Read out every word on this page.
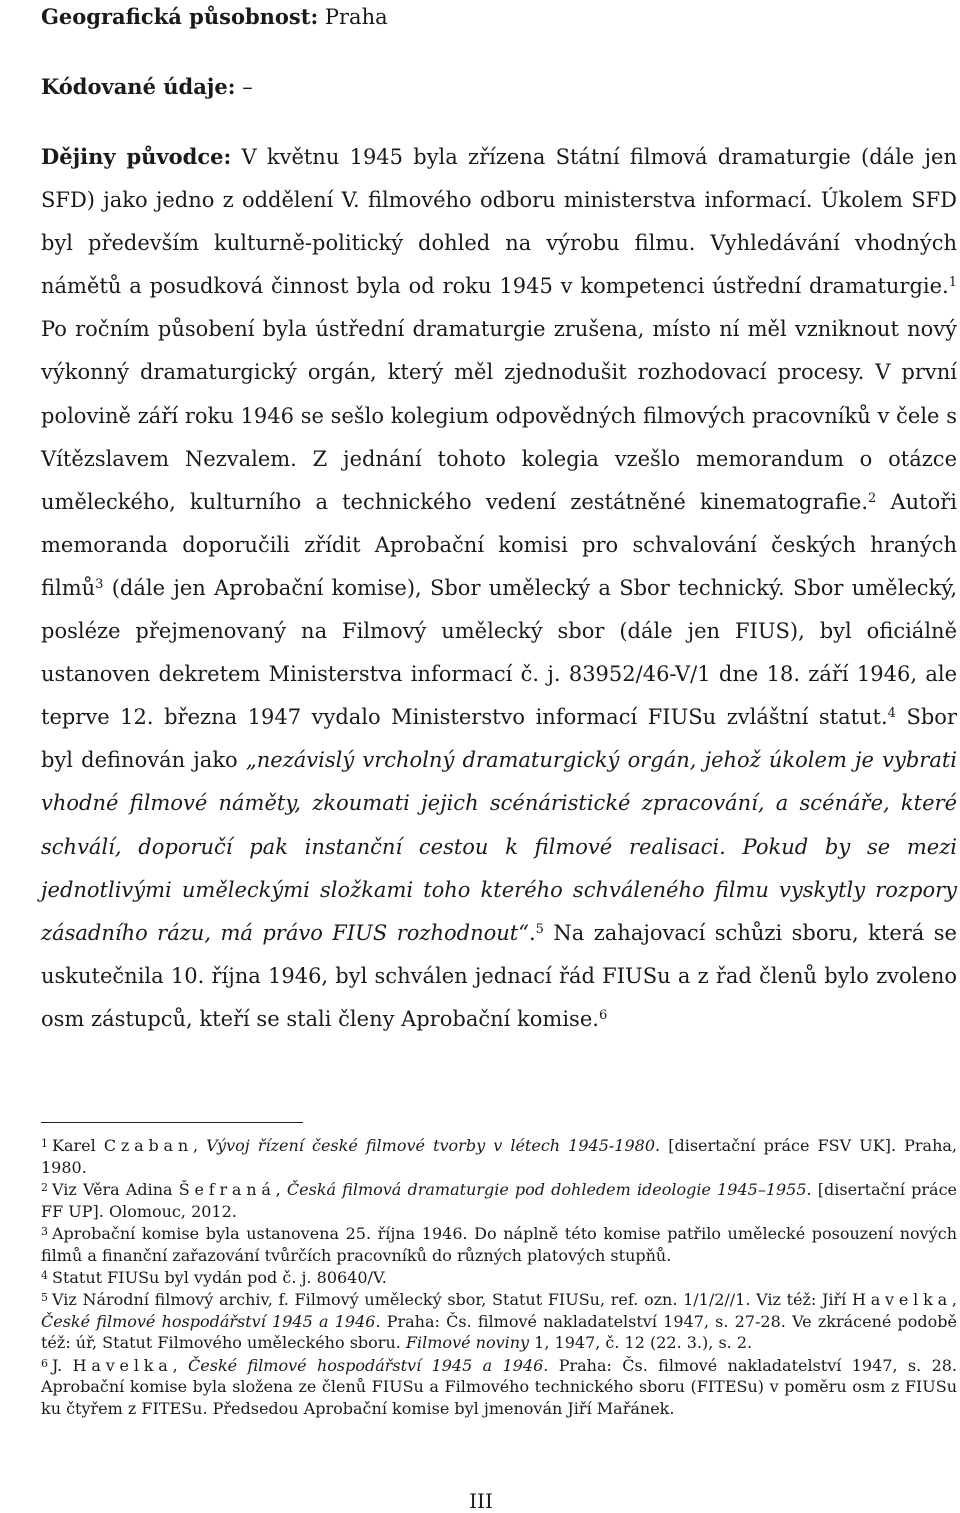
Geografická působnost: Praha

Kódované údaje: –

Dějiny původce: V květnu 1945 byla zřízena Státní filmová dramaturgie (dále jen SFD) jako jedno z oddělení V. filmového odboru ministerstva informací. Úkolem SFD byl především kulturně-politický dohled na výrobu filmu. Vyhledávání vhodných námětů a posudková činnost byla od roku 1945 v kompetenci ústřední dramaturgie.$^1$ Po ročním působení byla ústřední dramaturgie zrušena, místo ní měl vzniknout nový výkonný dramaturgický orgán, který měl zjednodušit rozhodovací procesy. V první polovině září roku 1946 se sešlo kolegium odpovědných filmových pracovníků v čele s Vítězslavem Nezvalem. Z jednání tohoto kolegia vzešlo memorandum o otázce uměleckého, kulturního a technického vedení zestátněné kinematografie.$^2$ Autoři memoranda doporučili zřídit Aprobační komisi pro schvalování českých hraných filmů$^3$ (dále jen Aprobační komise), Sbor umělecký a Sbor technický. Sbor umělecký, posléze přejmenovaný na Filmový umělecký sbor (dále jen FIUS), byl oficiálně ustanoven dekretem Ministerstva informací č. j. 83952/46-V/1 dne 18. září 1946, ale teprve 12. března 1947 vydalo Ministerstvo informací FIUSu zvláštní statut.$^4$ Sbor byl definován jako „nezávislý vrcholný dramaturgický orgán, jehož úkolem je vybrati vhodné filmové náměty, zkoumati jejich scénáristické zpracování, a scénáře, které schválí, doporučí pak instanční cestou k filmové realisaci. Pokud by se mezi jednotlivými uměleckými složkami toho kterého schváleného filmu vyskytly rozpory zásadního rázu, má právo FIUS rozhodnout“.$^5$ Na zahajovací schůzi sboru, která se uskutečnila 10. října 1946, byl schválen jednací řád FIUSu a z řad členů bylo zvoleno osm zástupců, kteří se stali členy Aprobační komise.$^6$

$^1$ Karel Czaban, Vývoj řízení české filmové tvorby v létech 1945-1980. [disertační práce FSV UK]. Praha, 1980.

$^2$ Viz Věra Adina Šefraná, Česká filmová dramaturgie pod dohledem ideologie 1945–1955. [disertační práce FF UP]. Olomouc, 2012.

$^3$ Aprobační komise byla ustanovena 25. října 1946. Do náplně této komise patřilo umělecké posouzení nových filmů a finanční zařazování tvůrčích pracovníků do různých platových stupňů.

$^4$ Statut FIUSu byl vydán pod č. j. 80640/V.

$^5$ Viz Národní filmový archiv, f. Filmový umělecký sbor, Statut FIUSu, ref. ozn. 1/1/2//1. Viz též: Jiří Havelka, České filmové hospodářství 1945 a 1946. Praha: Čs. filmové nakladatelství 1947, s. 27-28. Ve zkrácené podobě též: úř, Statut Filmového uměleckého sboru. Filmové noviny 1, 1947, č. 12 (22. 3.), s. 2.

$^6$ J. Havelka, České filmové hospodářství 1945 a 1946. Praha: Čs. filmové nakladatelství 1947, s. 28. Aprobační komise byla složena ze členů FIUSu a Filmového technického sboru (FITESu) v poměru osm z FIUSu ku čtyřem z FITESu. Předsedou Aprobační komise byl jmenován Jiří Mařánek.

III
